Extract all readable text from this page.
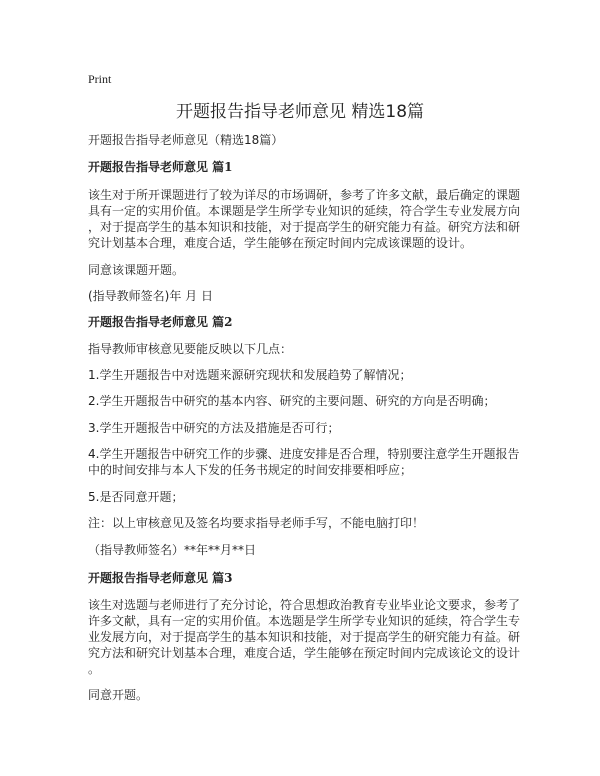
Print
开题报告指导老师意见 精选18篇
开题报告指导老师意见（精选18篇）
开题报告指导老师意见 篇1
该生对于所开课题进行了较为详尽的市场调研，参考了许多文献，最后确定的课题
具有一定的实用价值。本课题是学生所学专业知识的延续，符合学生专业发展方向
，对于提高学生的基本知识和技能，对于提高学生的研究能力有益。研究方法和研
究计划基本合理，难度合适，学生能够在预定时间内完成该课题的设计。
同意该课题开题。
(指导教师签名)年 月 日
开题报告指导老师意见 篇2
指导教师审核意见要能反映以下几点：
1.学生开题报告中对选题来源研究现状和发展趋势了解情况；
2.学生开题报告中研究的基本内容、研究的主要问题、研究的方向是否明确；
3.学生开题报告中研究的方法及措施是否可行；
4.学生开题报告中研究工作的步骤、进度安排是否合理，特别要注意学生开题报告
中的时间安排与本人下发的任务书规定的时间安排要相呼应；
5.是否同意开题；
注：以上审核意见及签名均要求指导老师手写，不能电脑打印！
（指导教师签名）**年**月**日
开题报告指导老师意见 篇3
该生对选题与老师进行了充分讨论，符合思想政治教育专业毕业论文要求，参考了
许多文献，具有一定的实用价值。本选题是学生所学专业知识的延续，符合学生专
业发展方向，对于提高学生的基本知识和技能，对于提高学生的研究能力有益。研
究方法和研究计划基本合理，难度合适，学生能够在预定时间内完成该论文的设计
。
同意开题。
